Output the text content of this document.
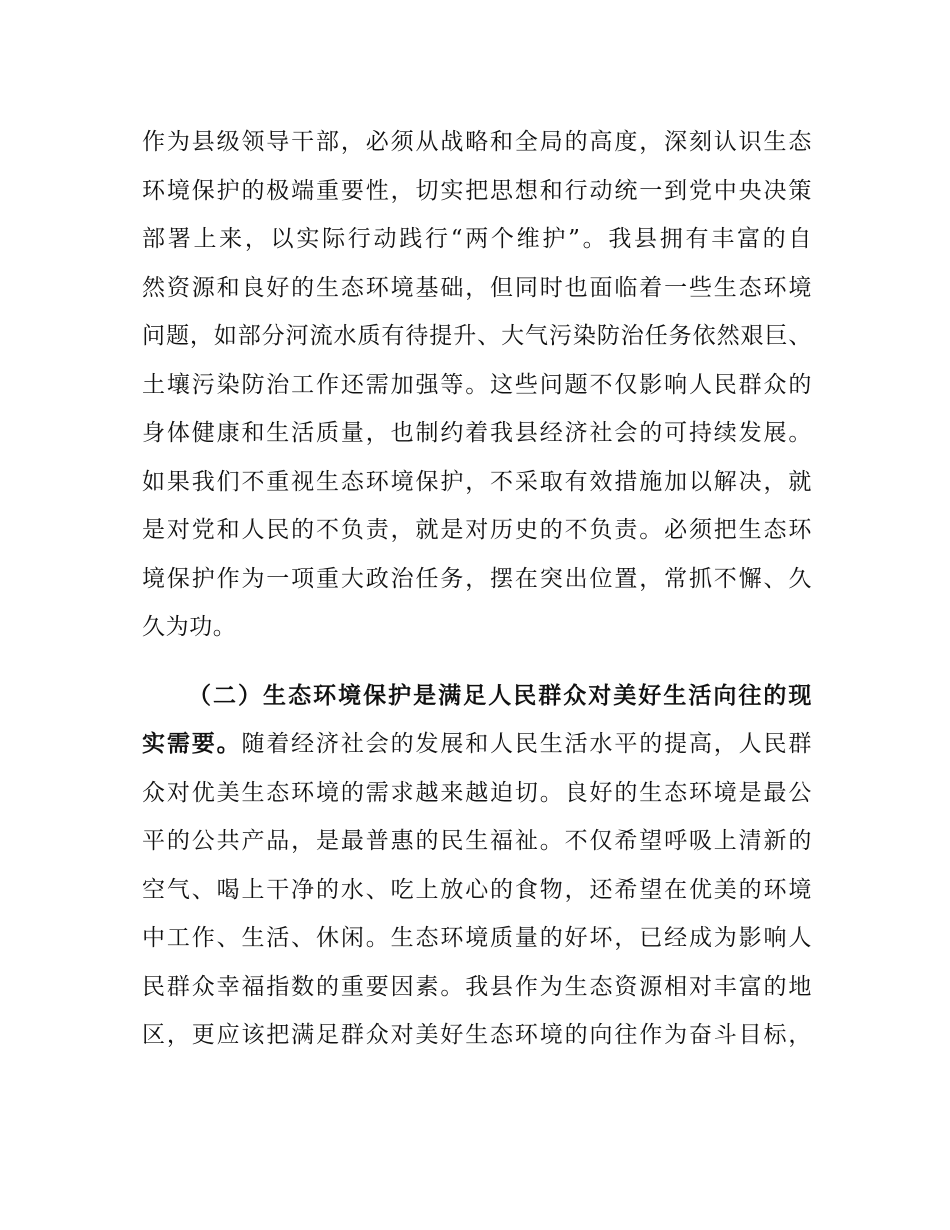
作为县级领导干部，必须从战略和全局的高度，深刻认识生态
环境保护的极端重要性，切实把思想和行动统一到党中央决策
部署上来，以实际行动践行“两个维护”。我县拥有丰富的自
然资源和良好的生态环境基础，但同时也面临着一些生态环境
问题，如部分河流水质有待提升、大气污染防治任务依然艰巨、
土壤污染防治工作还需加强等。这些问题不仅影响人民群众的
身体健康和生活质量，也制约着我县经济社会的可持续发展。
如果我们不重视生态环境保护，不采取有效措施加以解决，就
是对党和人民的不负责，就是对历史的不负责。必须把生态环
境保护作为一项重大政治任务，摆在突出位置，常抓不懈、久
久为功。
（二）生态环境保护是满足人民群众对美好生活向往的现
实需要。随着经济社会的发展和人民生活水平的提高，人民群
众对优美生态环境的需求越来越迫切。良好的生态环境是最公
平的公共产品，是最普惠的民生福祉。不仅希望呼吸上清新的
空气、喝上干净的水、吃上放心的食物，还希望在优美的环境
中工作、生活、休闲。生态环境质量的好坏，已经成为影响人
民群众幸福指数的重要因素。我县作为生态资源相对丰富的地
区，更应该把满足群众对美好生态环境的向往作为奋斗目标，
